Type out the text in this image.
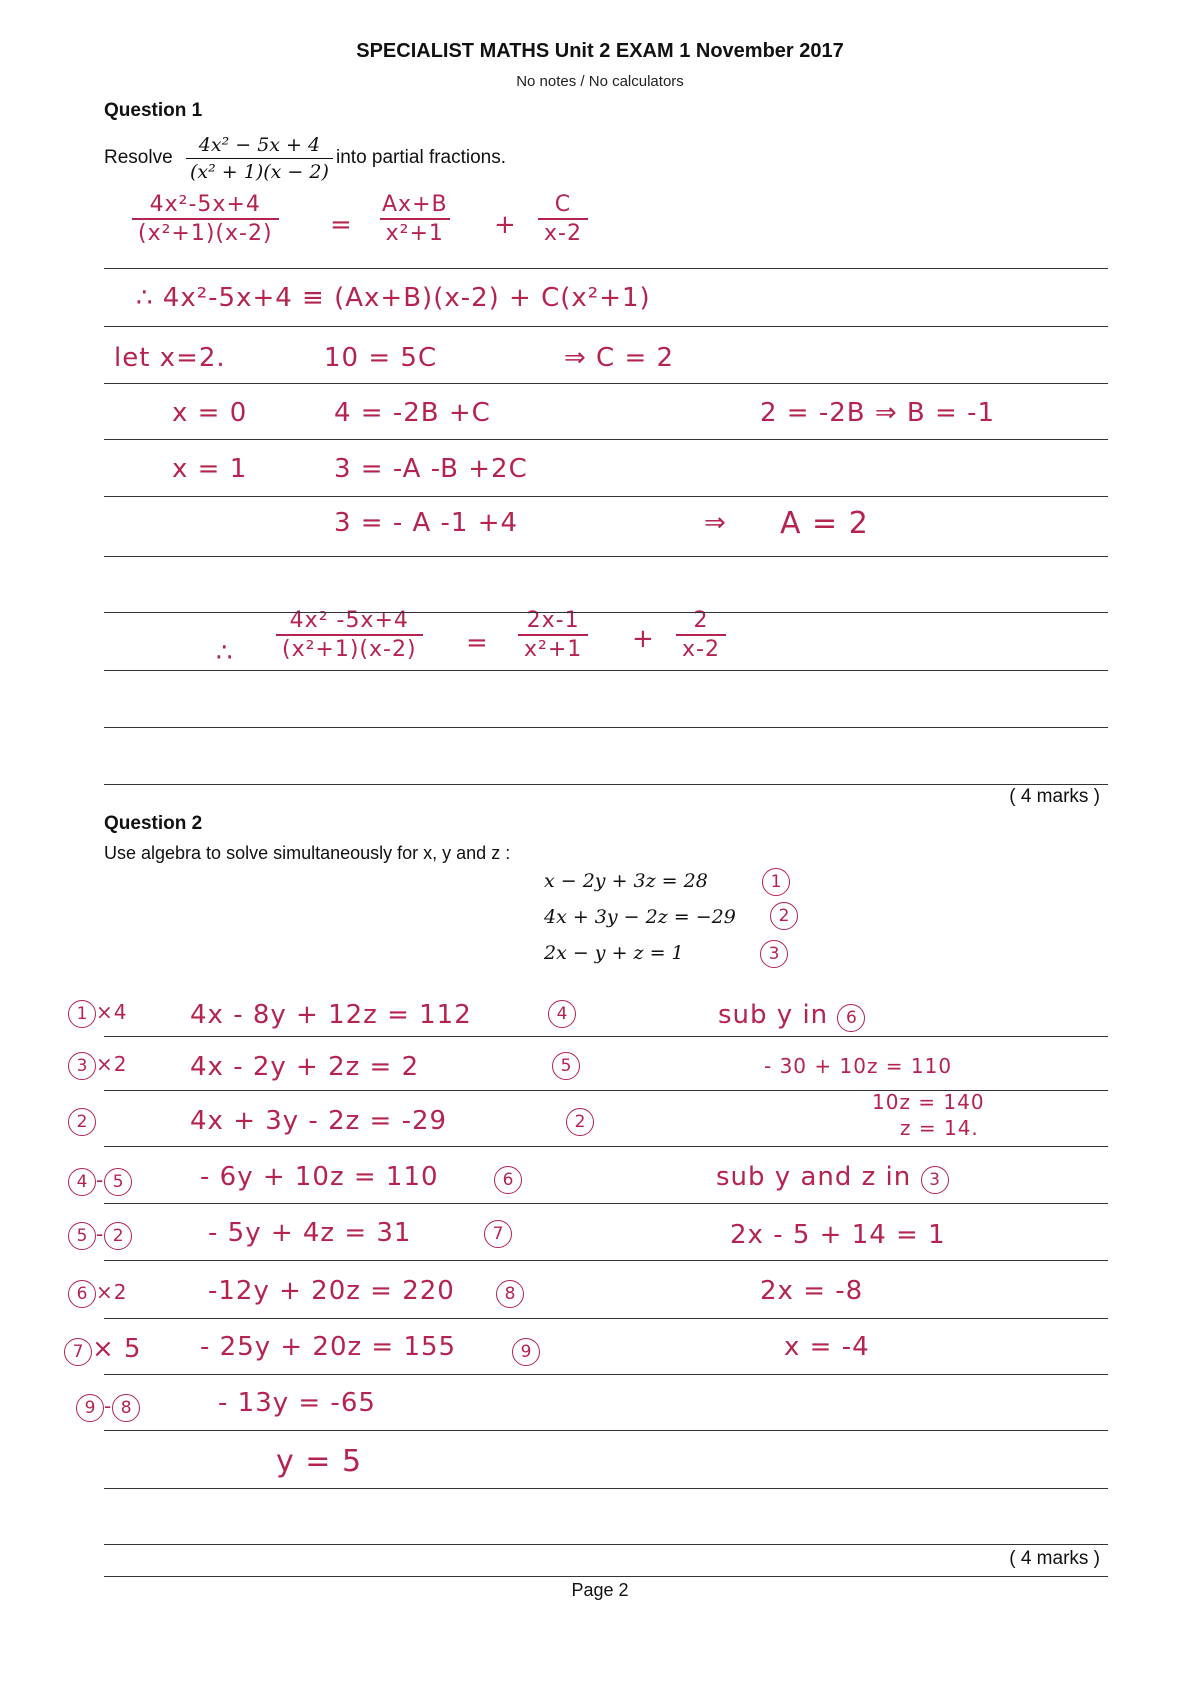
SPECIALIST MATHS Unit 2 EXAM 1 November 2017
No notes / No calculators
Question 1
Resolve $\frac{\text{4x² − 5x + 4}}{\text{(x² + 1)(x − 2)}}$ into partial fractions.
$\frac{\text{4x²-5x+4}}{\text{(x²+1)(x-2)}} = \frac{Ax+B}{\text{x²+1}} + \frac{C}{x-2}$
∴ 4x²-5x+4 ≡ (Ax+B)(x-2) + C(x²+1)
let x=2.	10 = 5C	⇒ C = 2
x = 0	4 = -2B +C	2 = -2B ⇒ B = -1
x = 1	3 = -A -B +2C
3 = - A -1 +4	⇒ A = 2
∴ $\frac{\text{4x² -5x+4}}{\text{(x²+1)(x-2)}} = \frac{2x-1}{\text{x²+1}} + \frac{2}{x-2}$
( 4 marks )
Question 2
Use algebra to solve simultaneously for x, y and z :
x − 2y + 3z = 28
4x + 3y − 2z = −29
2x − y + z = 1
1
2
3
1 ×4 4x - 8y + 12z = 112	4	sub y in 6
3 ×2 4x - 2y + 2z = 2	5	- 30 + 10z = 110
2	4x + 3y - 2z = -29	2
10z = 140
z = 14.
4 - 5	- 6y + 10z = 110	6	sub y and z in 3
5 - 2	- 5y + 4z = 31	7	2x - 5 + 14 = 1
6 ×2	-12y + 20z = 220	8	2x = -8
7 × 5 - 25y + 20z = 155	9	x = -4
9 - 8	- 13y = -65
y = 5
( 4 marks )
Page 2
